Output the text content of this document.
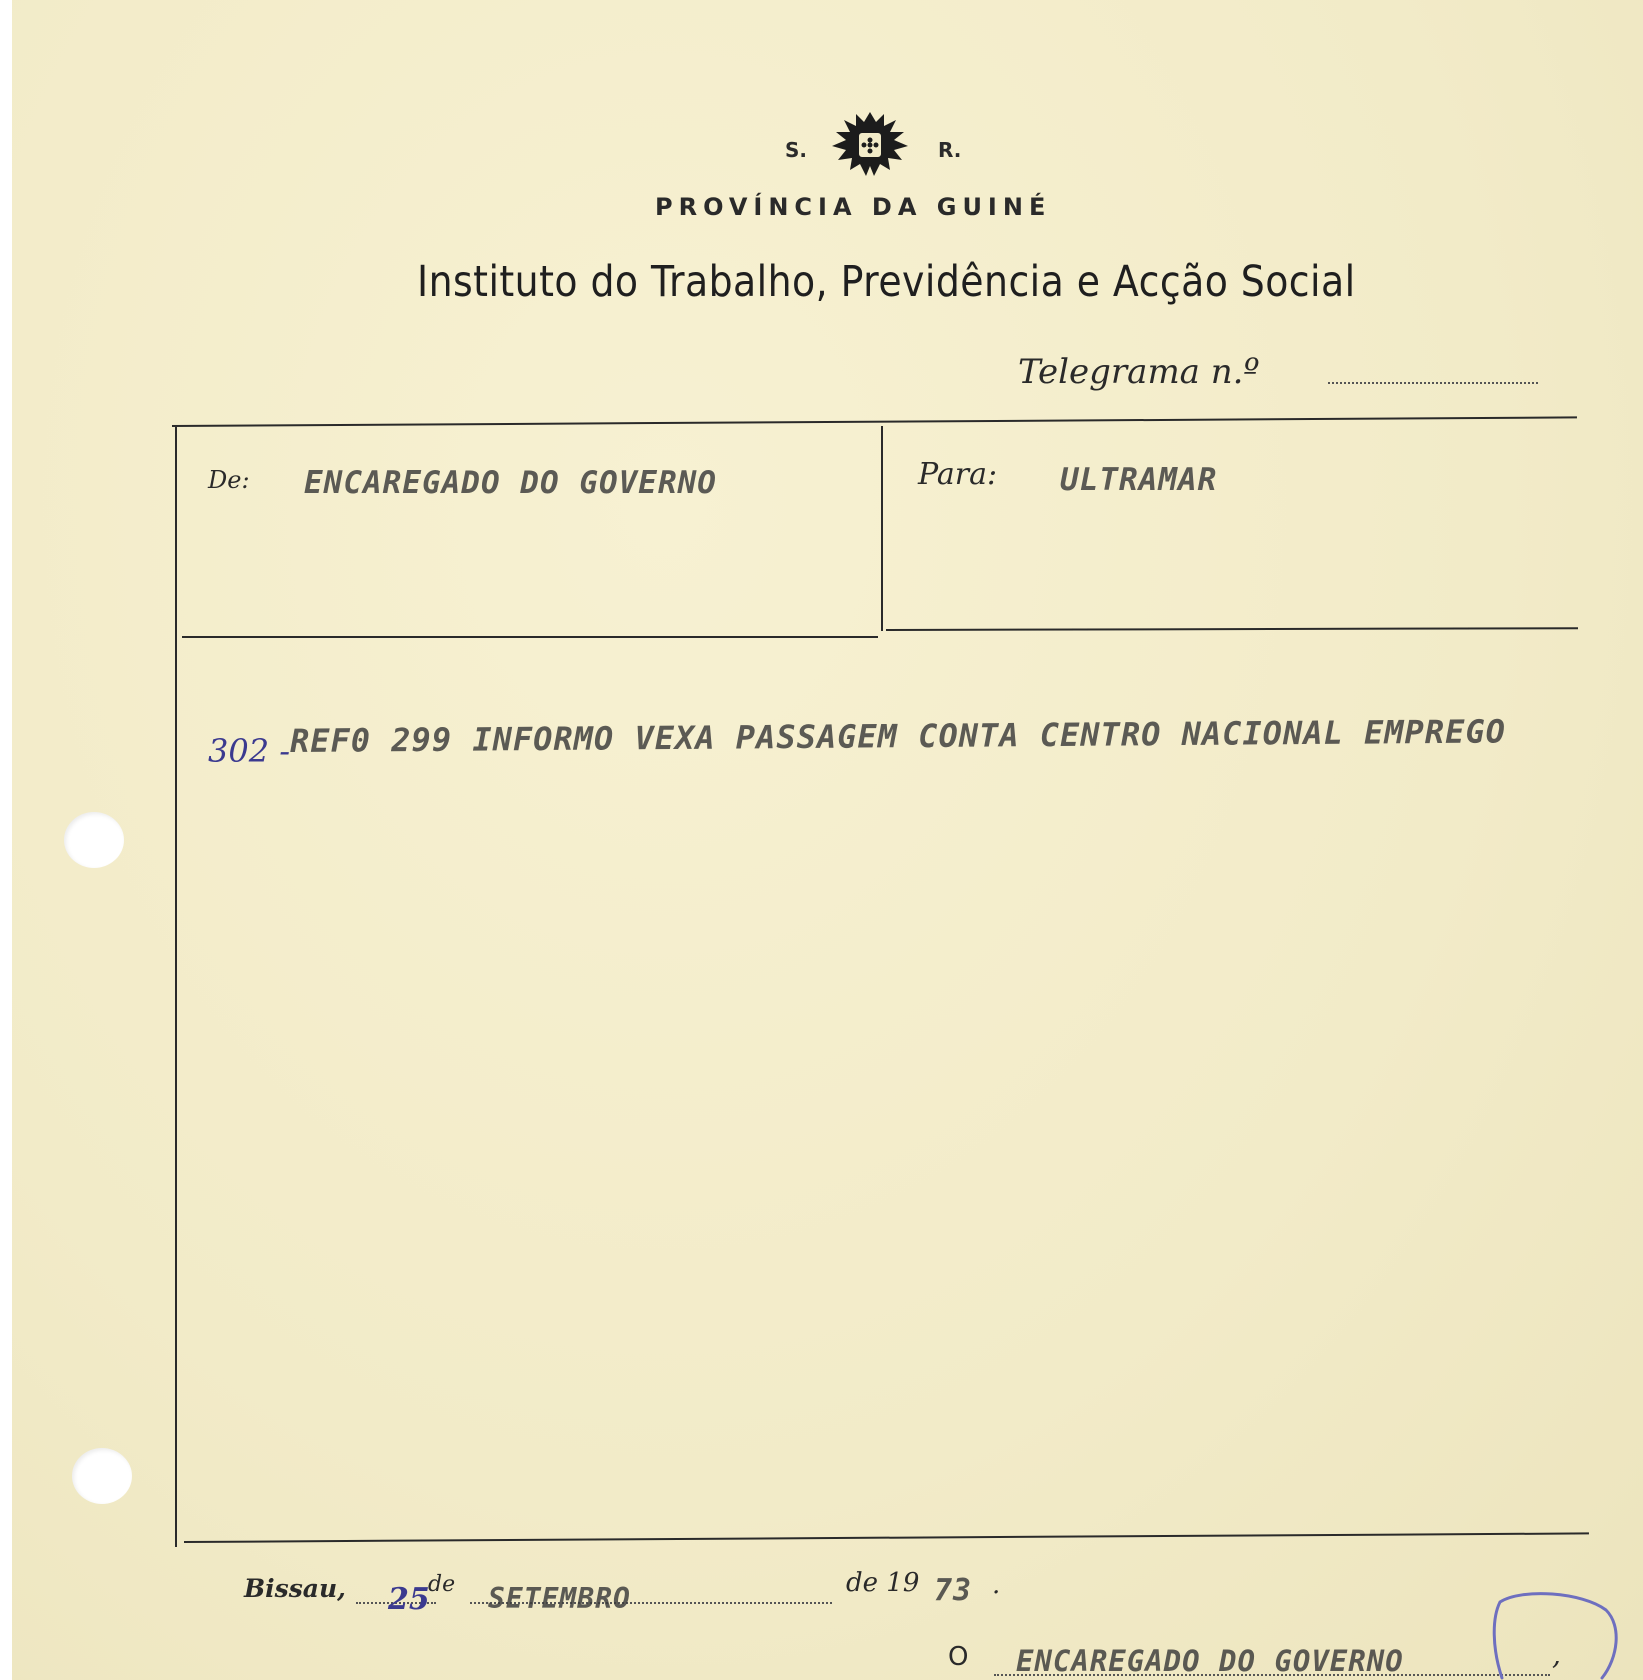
S.	R.
PROVÍNCIA DA GUINÉ
Instituto do Trabalho, Previdência e Acção Social
Telegrama n.º
De: ENCAREGADO DO GOVERNO	Para: ULTRAMAR
302 - REF0 299 INFORMO VEXA PASSAGEM CONTA CENTRO NACIONAL EMPREGO
Bissau, 25
de SETEMBRO	de 19 73 .
O ENCAREGADO DO GOVERNO	,
